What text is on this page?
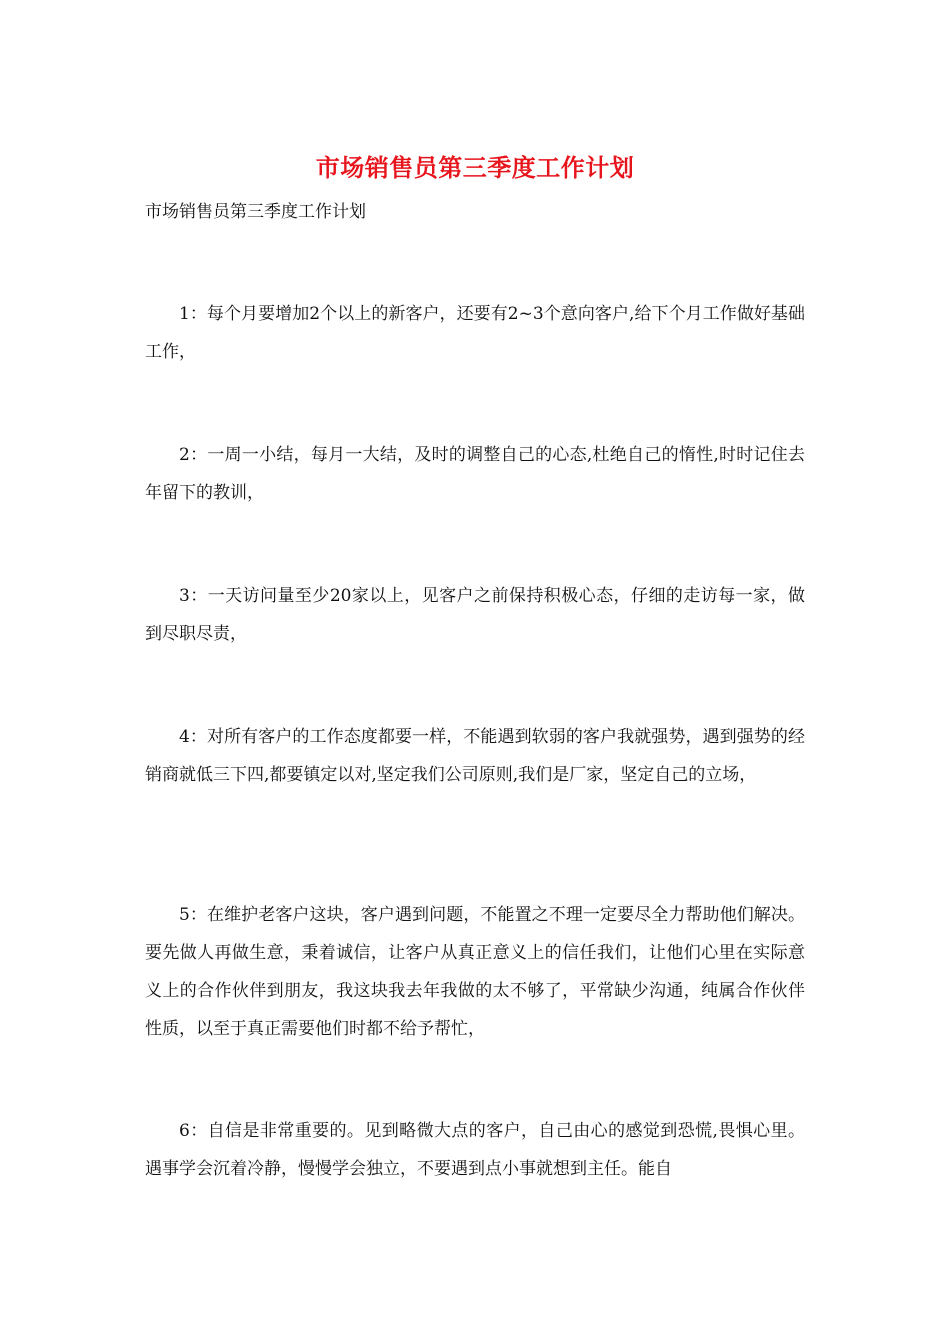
市场销售员第三季度工作计划
市场销售员第三季度工作计划
1：每个月要增加2个以上的新客户，还要有2~3个意向客户,给下个月工作做好基础工作，
2：一周一小结，每月一大结，及时的调整自己的心态,杜绝自己的惰性,时时记住去年留下的教训，
3：一天访问量至少20家以上，见客户之前保持积极心态，仔细的走访每一家，做到尽职尽责，
4：对所有客户的工作态度都要一样，不能遇到软弱的客户我就强势，遇到强势的经销商就低三下四,都要镇定以对,坚定我们公司原则,我们是厂家，坚定自己的立场，
5：在维护老客户这块，客户遇到问题，不能置之不理一定要尽全力帮助他们解决。要先做人再做生意，秉着诚信，让客户从真正意义上的信任我们，让他们心里在实际意义上的合作伙伴到朋友，我这块我去年我做的太不够了，平常缺少沟通，纯属合作伙伴性质，以至于真正需要他们时都不给予帮忙，
6：自信是非常重要的。见到略微大点的客户，自己由心的感觉到恐慌,畏惧心里。遇事学会沉着冷静，慢慢学会独立，不要遇到点小事就想到主任。能自
